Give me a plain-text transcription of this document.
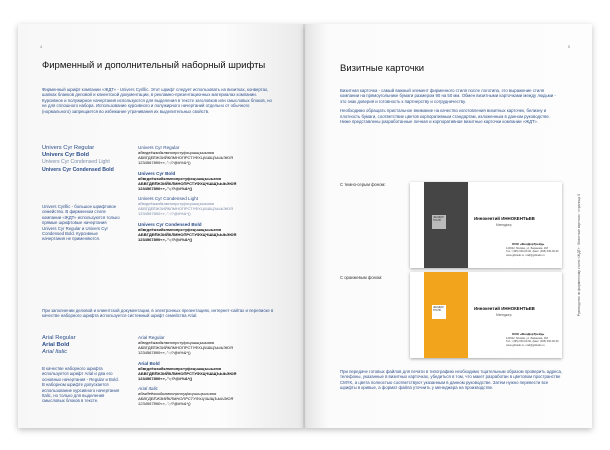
4
Фирменный и дополнительный наборный шрифты

Фирменный шрифт компании «ЖДТ» - Univers Cyrillic. Этот шрифт следует использовать на визитках, конвертах, шапках бланков деловой и клиентской документации, в рекламно-презентационных материалах компании. Курсивное и полужирное начертания используются для выделения в тексте заголовков или смысловых блоков, но не для сплошного набора. Использование курсивного и полужирного начертаний отдельно от обычного (нормального) запрещается во избежание утрачивания их выделительных свойств.

Univers Cyr Regular
Univers Cyr Bold
Univers Cyr Condensed Light
Univers Cyr Condensed Bold

Univers Cyrillic - большое шрифтовое семейство. В фирменном стиле компании «ЖДТ» используются только прямые шрифтовые начертания Univers Cyr Regular и Univers Cyr Condensed Bold. Курсивные начертания не применяются.

Univers Cyr Regular
абвгдеёжзийклмнопрстуфхцчшщъыьэюя
АБВГДЕЁЖЗИЙКЛМНОПРСТУФХЦЧШЩЪЫЬЭЮЯ
1234567890«»,.":;!?@#%&*()
Univers Cyr Bold
абвгдеёжзийклмнопрстуфхцчшщъыьэюя
АБВГДЕЁЖЗИЙКЛМНОПРСТУФХЦЧШЩЪЫЬЭЮЯ
1234567890«»,.":;!?@#%&*()
Univers Cyr Condensed Light
абвгдеёжзийклмнопрстуфхцчшщъыьэюя
АБВГДЕЁЖЗИЙКЛМНОПРСТУФХЦЧШЩЪЫЬЭЮЯ
1234567890«»,.":;!?@#%&*()
Univers Cyr Condensed Bold
абвгдеёжзийклмнопрстуфхцчшщъыьэюя
АБВГДЕЁЖЗИЙКЛМНОПРСТУФХЦЧШЩЪЫЬЭЮЯ
1234567890«»,.":;!?@#%&*()

При заполнении деловой и клиентской документации, в электронных презентациях, интернет-сайтах и переписке в качестве наборного шрифта используется системный шрифт семейства Arial.

Arial Regular
Arial Bold
Arial Italic

В качестве наборного шрифта используется шрифт Arial и два его основных начертания - Regular и Bold. В наборном шрифте допускается использование курсивного начертания Italic, но только для выделения смысловых блоков в тексте.

Arial Regular
абвгдеёжзийклмнопрстуфхцчшщъыьэюя
АБВГДЕЁЖЗИЙКЛМНОПРСТУФХЦЧШЩЪЫЬЭЮЯ
1234567890«»,.":;!?@#%&*()
Arial Bold
абвгдеёжзийклмнопрстуфхцчшщъыьэюя
АБВГДЕЁЖЗИЙКЛМНОПРСТУФХЦЧШЩЪЫЬЭЮЯ
1234567890«»,.":;!?@#%&*()
Arial Italic
абвгдеёжзийклмнопрстуфхцчшщъыьэюя
АБВГДЕЁЖЗИЙКЛМНОПРСТУФХЦЧШЩЪЫЬЭЮЯ
1234567890«»,.":;!?@#%&*()
5
Визитные карточки

Визитная карточка - самый важный элемент фирменного стиля после логотипа, это выражение стиля компании на прямоугольнике бумаги размером 90 на 50 мм. Обмен визитными карточками между людьми - это знак доверия и готовность к партнерству и сотрудничеству.

Необходимо обращать пристальное внимание на качество изготовления визитных карточек, белизну и плотность бумаги, соответствие цветов корпоративным стандартам, изложенным в данном руководстве. Ниже представлены разработанные личная и корпоративная визитные карточки компании «ЖДТ».

С темно-серым фоном:
ЖЕЛДОР ТРАНС	Иннокентий ИННОКЕНТЬЕВ
Менеджер
ООО «ЖелДорТрейд»
123022, Москва, ул. Баранова, 16б
Тел.: (495) 000-00-00, факс: (495) 000-00-00
www.gdtrade.ru, mail@gdtrade.ru
С оранжевым фоном:
ЖЕЛДОР ТРАНС	Иннокентий ИННОКЕНТЬЕВ
Менеджер
ООО «ЖелДорТрейд»
123022, Москва, ул. Баранова, 16б
Тел.: (495) 000-00-00, факс: (495) 000-00-00
www.gdtrade.ru, mail@gdtrade.ru

При передаче готовых файлов для печати в типографию необходимо тщательным образом проверить адреса, телефоны, указанные в визитных карточках, убедиться в том, что макет разработан в цветовом пространстве CMYK, а цвета полностью соответствуют указанным в данном руководстве. Затем нужно перевести все шрифты в кривые, а формат файла уточнить у менеджера на производстве.

Руководство по фирменному стилю «ЖДТ» · Визитные карточки · страница 5
